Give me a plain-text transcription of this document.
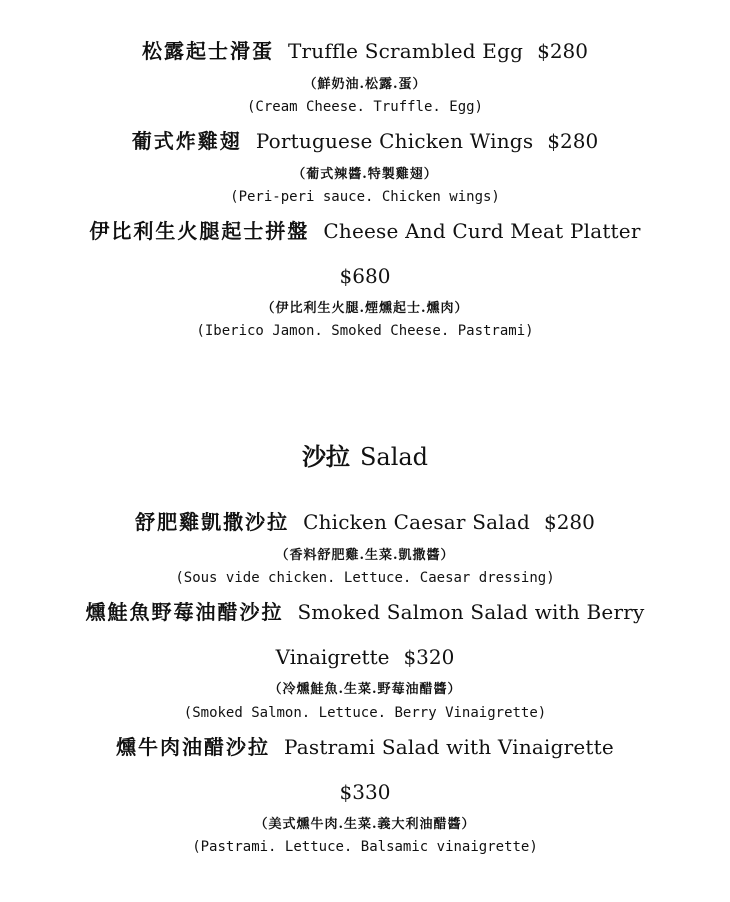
松露起士滑蛋 Truffle Scrambled Egg $280
（鮮奶油.松露.蛋）
(Cream Cheese. Truffle. Egg)
葡式炸雞翅 Portuguese Chicken Wings $280
（葡式辣醬.特製雞翅）
(Peri-peri sauce. Chicken wings)
伊比利生火腿起士拼盤 Cheese And Curd Meat Platter
$680
（伊比利生火腿.煙燻起士.燻肉）
(Iberico Jamon. Smoked Cheese. Pastrami)
沙拉 Salad
舒肥雞凱撒沙拉 Chicken Caesar Salad $280
（香料舒肥雞.生菜.凱撒醬）
(Sous vide chicken. Lettuce. Caesar dressing)
燻鮭魚野莓油醋沙拉 Smoked Salmon Salad with Berry
Vinaigrette $320
（冷燻鮭魚.生菜.野莓油醋醬）
(Smoked Salmon. Lettuce. Berry Vinaigrette)
燻牛肉油醋沙拉 Pastrami Salad with Vinaigrette
$330
（美式燻牛肉.生菜.義大利油醋醬）
(Pastrami. Lettuce. Balsamic vinaigrette)
